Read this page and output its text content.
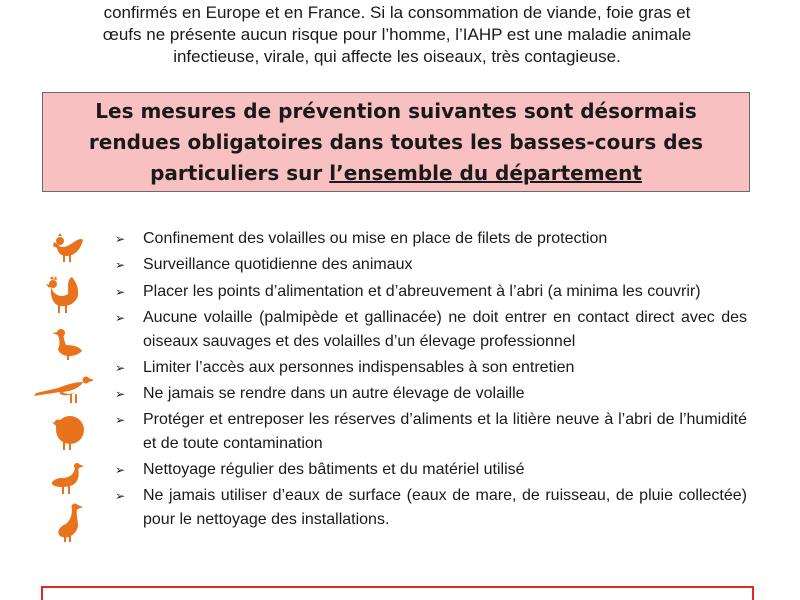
confirmés en Europe et en France. Si la consommation de viande, foie gras et
œufs ne présente aucun risque pour l’homme, l’IAHP est une maladie animale
infectieuse, virale, qui affecte les oiseaux, très contagieuse.
Les mesures de prévention suivantes sont désormais
rendues obligatoires dans toutes les basses-cours des
particuliers sur l’ensemble du département
➢ Confinement des volailles ou mise en place de filets de protection
➢ Surveillance quotidienne des animaux
➢ Placer les points d’alimentation et d’abreuvement à l’abri (a minima les couvrir)
➢ Aucune volaille (palmipède et gallinacée) ne doit entrer en contact direct avec des oiseaux sauvages et des volailles d’un élevage professionnel
➢ Limiter l’accès aux personnes indispensables à son entretien
➢ Ne jamais se rendre dans un autre élevage de volaille
➢ Protéger et entreposer les réserves d’aliments et la litière neuve à l’abri de l’humidité et de toute contamination
➢ Nettoyage régulier des bâtiments et du matériel utilisé
➢ Ne jamais utiliser d’eaux de surface (eaux de mare, de ruisseau, de pluie collectée) pour le nettoyage des installations.
